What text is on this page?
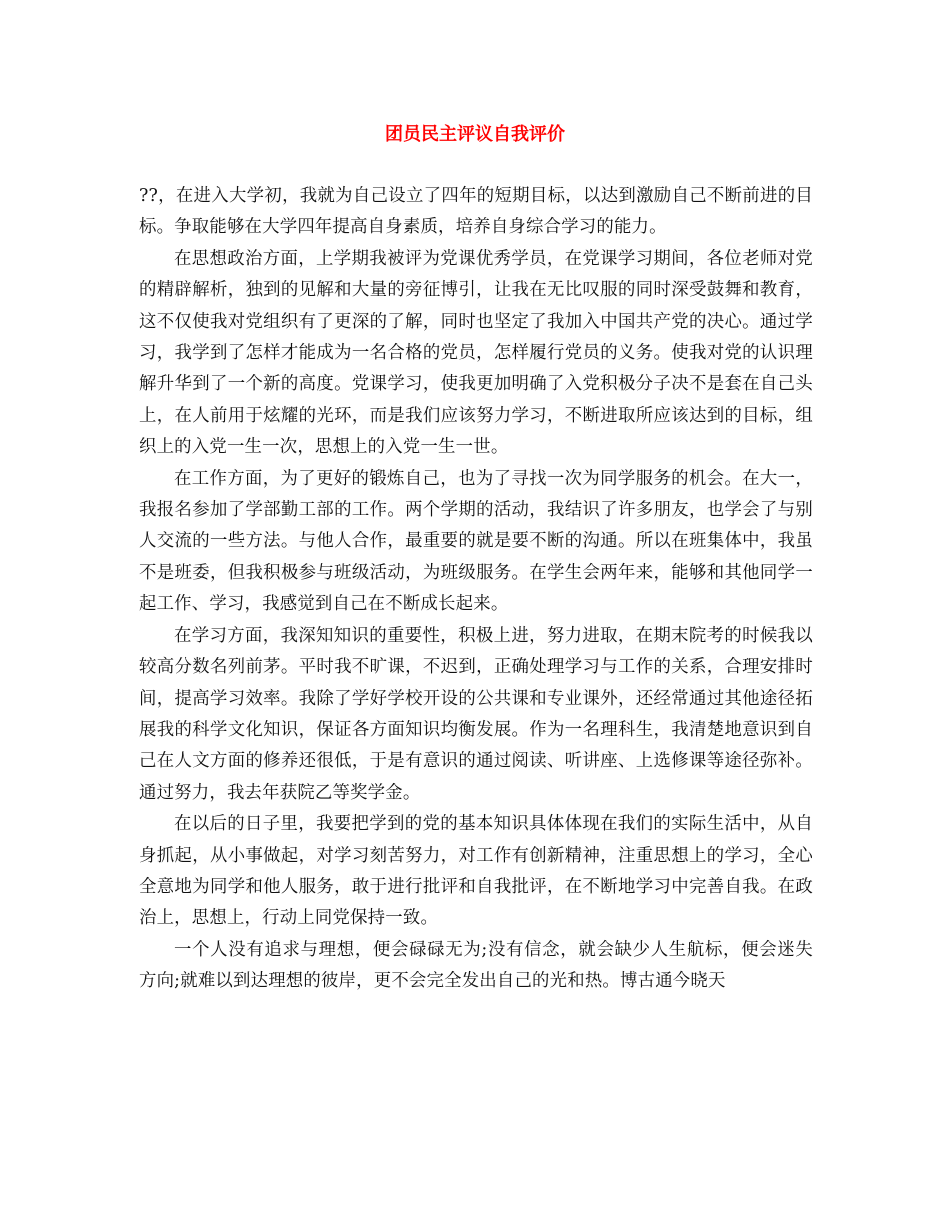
团员民主评议自我评价

??，在进入大学初，我就为自己设立了四年的短期目标，以达到激励自己不断前进的目标。争取能够在大学四年提高自身素质，培养自身综合学习的能力。

在思想政治方面，上学期我被评为党课优秀学员，在党课学习期间，各位老师对党的精辟解析，独到的见解和大量的旁征博引，让我在无比叹服的同时深受鼓舞和教育，这不仅使我对党组织有了更深的了解，同时也坚定了我加入中国共产党的决心。通过学习，我学到了怎样才能成为一名合格的党员，怎样履行党员的义务。使我对党的认识理解升华到了一个新的高度。党课学习，使我更加明确了入党积极分子决不是套在自己头上，在人前用于炫耀的光环，而是我们应该努力学习，不断进取所应该达到的目标，组织上的入党一生一次，思想上的入党一生一世。

在工作方面，为了更好的锻炼自己，也为了寻找一次为同学服务的机会。在大一，我报名参加了学部勤工部的工作。两个学期的活动，我结识了许多朋友，也学会了与别人交流的一些方法。与他人合作，最重要的就是要不断的沟通。所以在班集体中，我虽不是班委，但我积极参与班级活动，为班级服务。在学生会两年来，能够和其他同学一起工作、学习，我感觉到自己在不断成长起来。

在学习方面，我深知知识的重要性，积极上进，努力进取，在期末院考的时候我以较高分数名列前茅。平时我不旷课，不迟到，正确处理学习与工作的关系，合理安排时间，提高学习效率。我除了学好学校开设的公共课和专业课外，还经常通过其他途径拓展我的科学文化知识，保证各方面知识均衡发展。作为一名理科生，我清楚地意识到自己在人文方面的修养还很低，于是有意识的通过阅读、听讲座、上选修课等途径弥补。通过努力，我去年获院乙等奖学金。

在以后的日子里，我要把学到的党的基本知识具体体现在我们的实际生活中，从自身抓起，从小事做起，对学习刻苦努力，对工作有创新精神，注重思想上的学习，全心全意地为同学和他人服务，敢于进行批评和自我批评，在不断地学习中完善自我。在政治上，思想上，行动上同党保持一致。

一个人没有追求与理想，便会碌碌无为;没有信念，就会缺少人生航标，便会迷失方向;就难以到达理想的彼岸，更不会完全发出自己的光和热。博古通今晓天
